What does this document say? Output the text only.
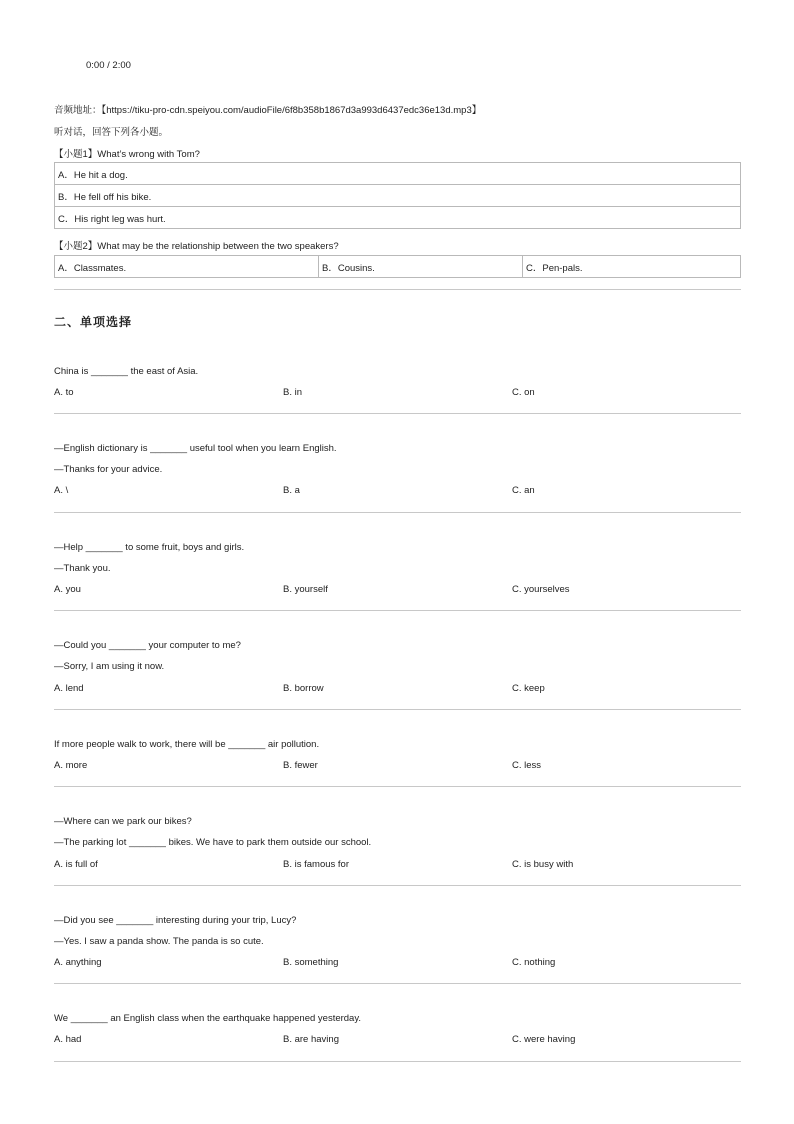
0:00 / 2:00
音频地址：【https://tiku-pro-cdn.speiyou.com/audioFile/6f8b358b1867d3a993d6437edc36e13d.mp3】
听对话，回答下列各小题。
【小题1】What’s wrong with Tom?
A．He hit a dog.
B．He fell off his bike.
C．His right leg was hurt.
【小题2】What may be the relationship between the two speakers?
A．Classmates.	B．Cousins.	C．Pen-pals.
二、单项选择
China is _______ the east of Asia.
A. to	B. in	C. on
—English dictionary is _______ useful tool when you learn English.
—Thanks for your advice.
A. \	B. a	C. an
—Help _______ to some fruit, boys and girls.
—Thank you.
A. you	B. yourself	C. yourselves
—Could you _______ your computer to me?
—Sorry, I am using it now.
A. lend	B. borrow	C. keep
If more people walk to work, there will be _______ air pollution.
A. more	B. fewer	C. less
—Where can we park our bikes?
—The parking lot _______ bikes. We have to park them outside our school.
A. is full of	B. is famous for	C. is busy with
—Did you see _______ interesting during your trip, Lucy?
—Yes. I saw a panda show. The panda is so cute.
A. anything	B. something	C. nothing
We _______ an English class when the earthquake happened yesterday.
A. had	B. are having	C. were having
